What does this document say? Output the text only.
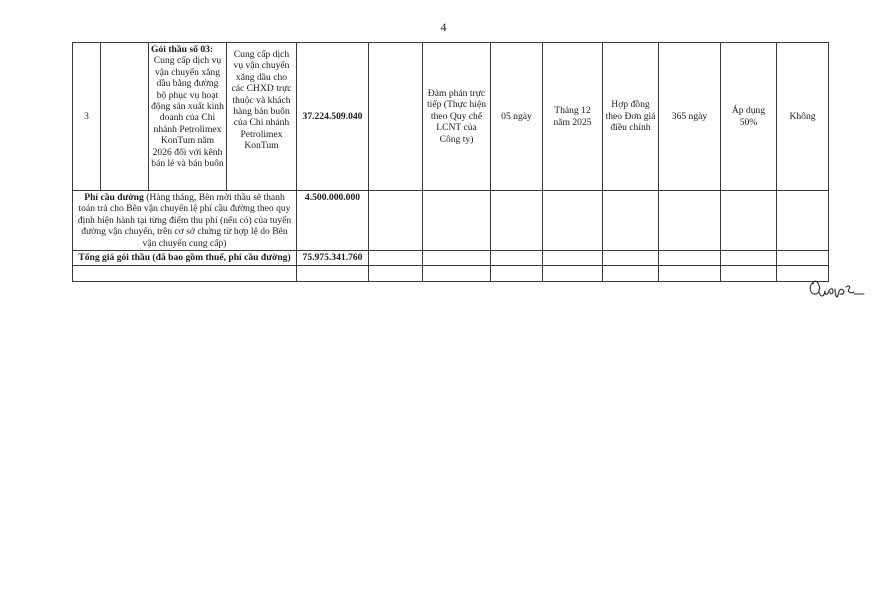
4
3		Gói thầu số 03:
Cung cấp dịch vụ vận chuyển xăng dầu bằng đường bộ phục vụ hoạt động sản xuất kinh doanh của Chi nhánh Petrolimex KonTum năm 2026 đối với kênh bán lẻ và bán buôn	Cung cấp dịch vụ vận chuyển xăng dầu cho các CHXD trực thuộc và khách hàng bán buôn của Chi nhánh Petrolimex KonTum	37.224.509.040		Đàm phán trực tiếp (Thực hiện theo Quy chế LCNT của Công ty)	05 ngày	Tháng 12 năm 2025	Hợp đồng theo Đơn giá điều chỉnh	365 ngày	Áp dụng 50%	Không
Phí cầu đường (Hàng tháng, Bên mời thầu sẽ thanh toán trả cho Bên vận chuyển lệ phí cầu đường theo quy định hiện hành tại từng điểm thu phí (nếu có) của tuyến đường vận chuyển, trên cơ sở chứng từ hợp lệ do Bên vận chuyển cung cấp)				4.500.000.000								
Tổng giá gói thầu (đã bao gồm thuế, phí cầu đường)				75.975.341.760								
